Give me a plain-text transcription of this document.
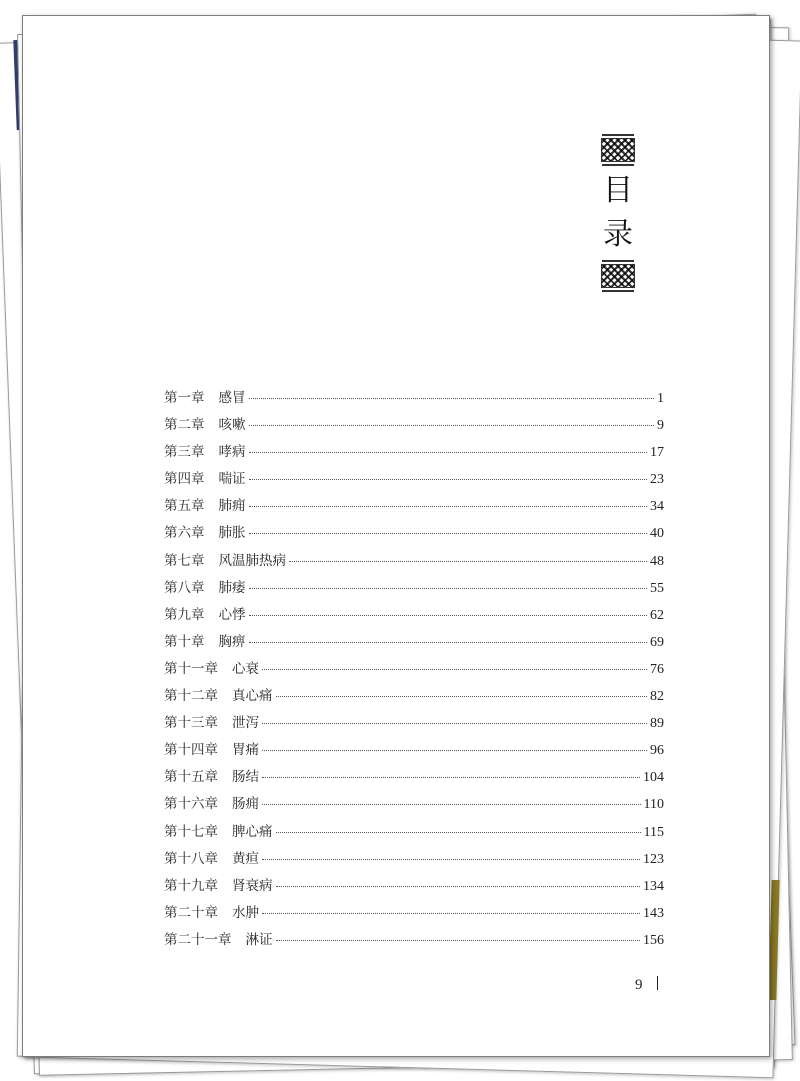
目
录
第一章 感冒	1
第二章 咳嗽	9
第三章 哮病	17
第四章 喘证	23
第五章 肺痈	34
第六章 肺胀	40
第七章 风温肺热病	48
第八章 肺痿	55
第九章 心悸	62
第十章 胸痹	69
第十一章 心衰	76
第十二章 真心痛	82
第十三章 泄泻	89
第十四章 胃痛	96
第十五章 肠结	104
第十六章 肠痈	110
第十七章 脾心痛	115
第十八章 黄疸	123
第十九章 肾衰病	134
第二十章 水肿	143
第二十一章 淋证	156
9
